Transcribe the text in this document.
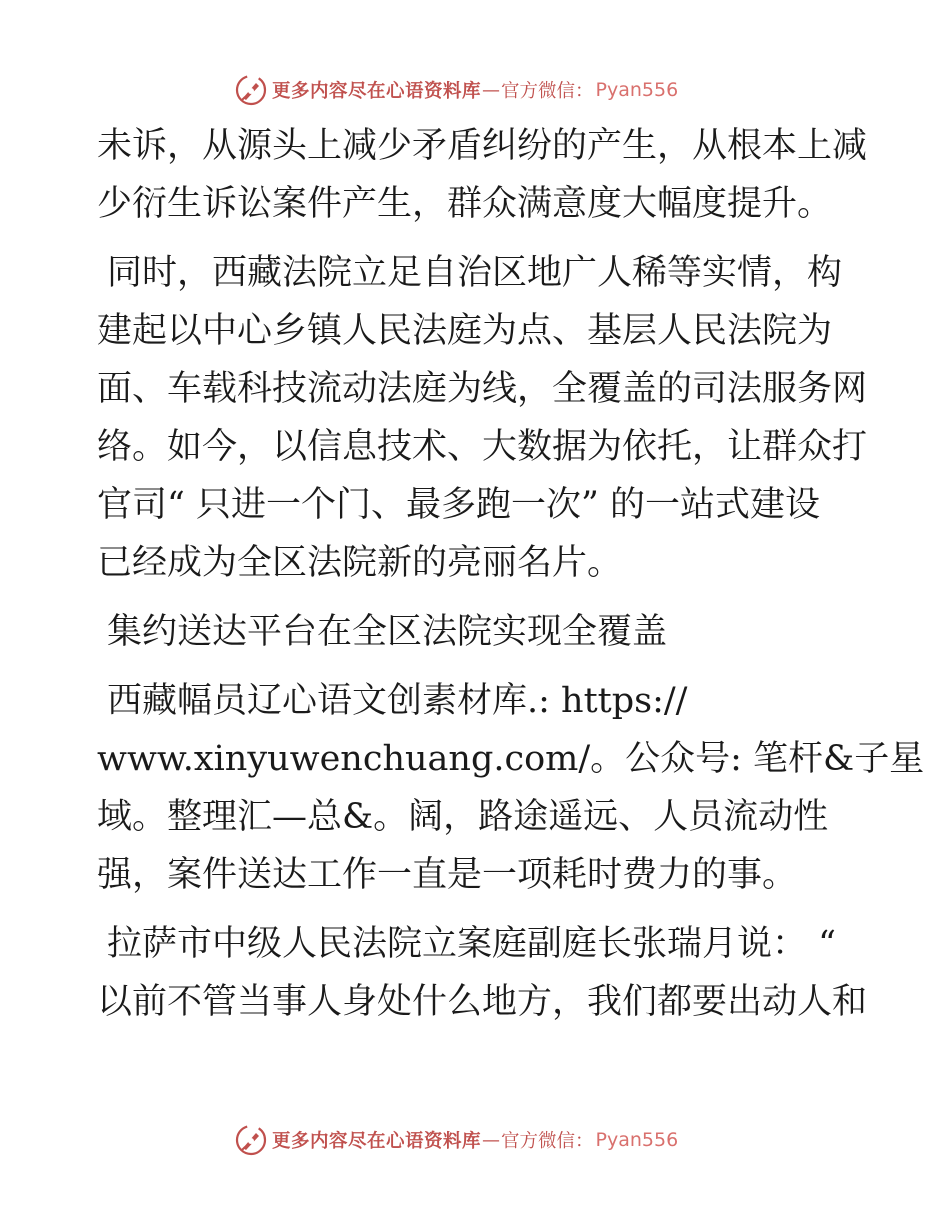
更多内容尽在心语资料库 — 官方微信： Pyan556
未诉，从源头上减少矛盾纠纷的产生，从根本上减
少衍生诉讼案件产生，群众满意度大幅度提升。
同时，西藏法院立足自治区地广人稀等实情，构
建起以中心乡镇人民法庭为点、基层人民法院为
面、车载科技流动法庭为线，全覆盖的司法服务网
络。如今，以信息技术、大数据为依托，让群众打
官司“ 只进一个门、最多跑一次” 的一站式建设
已经成为全区法院新的亮丽名片。
集约送达平台在全区法院实现全覆盖
西藏幅员辽心语文创素材库.: https://
www.xinyuwenchuang.com/。公众号: 笔杆&子星
域。整理汇—总&。阔，路途遥远、人员流动性
强，案件送达工作一直是一项耗时费力的事。
拉萨市中级人民法院立案庭副庭长张瑞月说： “
以前不管当事人身处什么地方，我们都要出动人和
更多内容尽在心语资料库 — 官方微信： Pyan556
